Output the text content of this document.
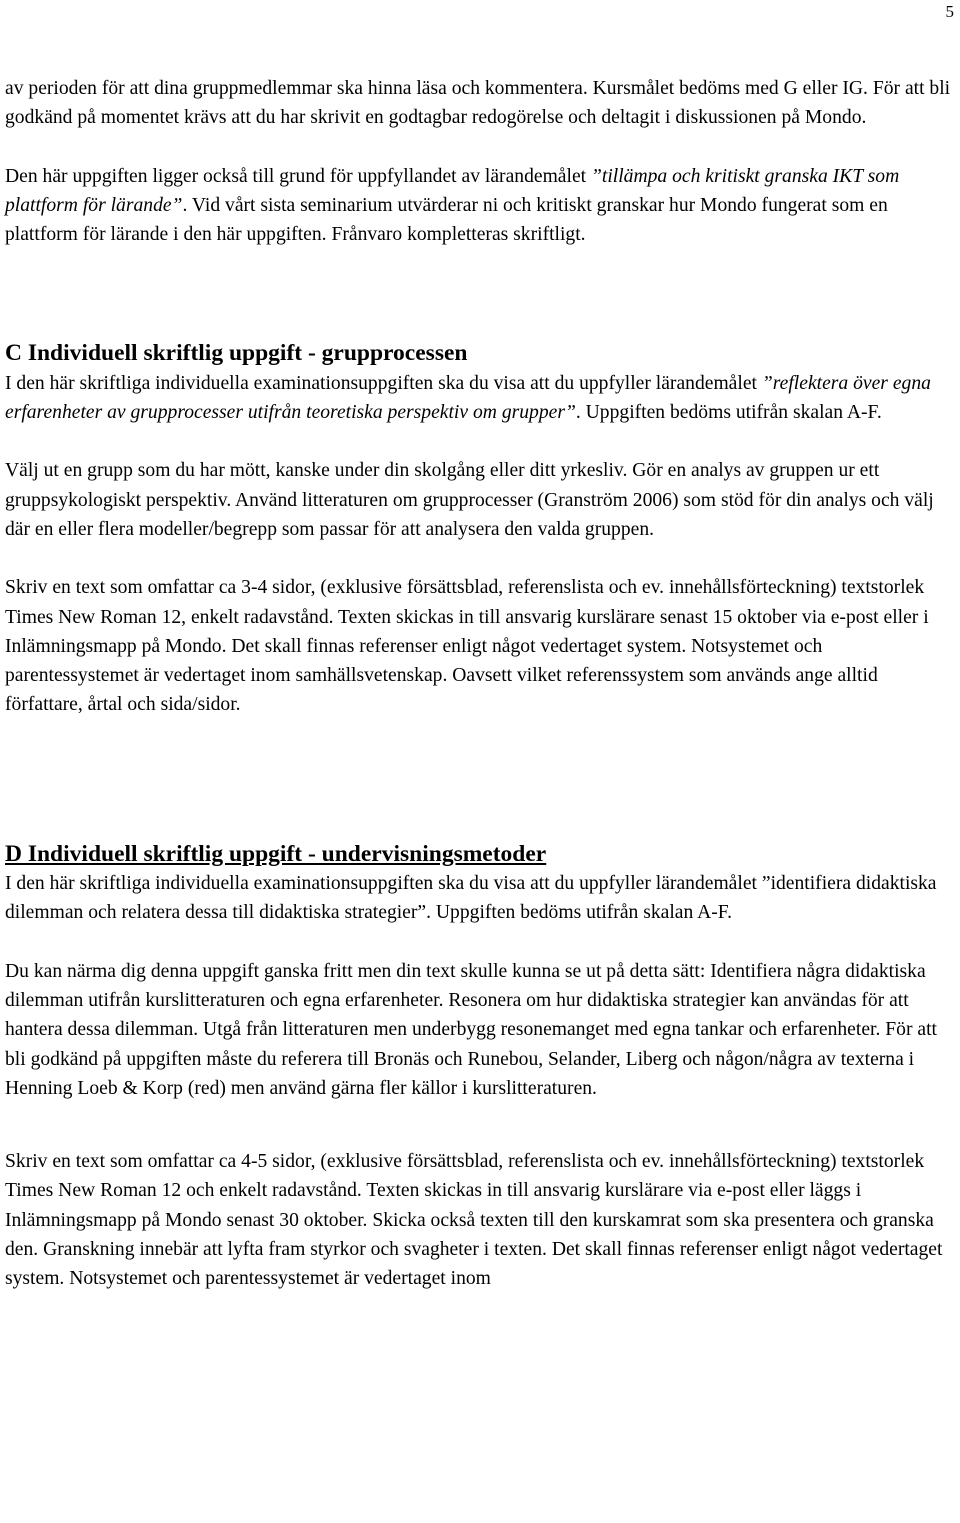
5

av perioden för att dina gruppmedlemmar ska hinna läsa och kommentera. Kursmålet bedöms med G eller IG. För att bli godkänd på momentet krävs att du har skrivit en godtagbar redogörelse och deltagit i diskussionen på Mondo.

Den här uppgiften ligger också till grund för uppfyllandet av lärandemålet ”tillämpa och kritiskt granska IKT som plattform för lärande”. Vid vårt sista seminarium utvärderar ni och kritiskt granskar hur Mondo fungerat som en plattform för lärande i den här uppgiften. Frånvaro kompletteras skriftligt.

C Individuell skriftlig uppgift - grupprocessen

I den här skriftliga individuella examinationsuppgiften ska du visa att du uppfyller lärandemålet ”reflektera över egna erfarenheter av grupprocesser utifrån teoretiska perspektiv om grupper”. Uppgiften bedöms utifrån skalan A-F.

Välj ut en grupp som du har mött, kanske under din skolgång eller ditt yrkesliv. Gör en analys av gruppen ur ett gruppsykologiskt perspektiv. Använd litteraturen om grupprocesser (Granström 2006) som stöd för din analys och välj där en eller flera modeller/begrepp som passar för att analysera den valda gruppen.

Skriv en text som omfattar ca 3-4 sidor, (exklusive försättsblad, referenslista och ev. innehållsförteckning) textstorlek Times New Roman 12, enkelt radavstånd. Texten skickas in till ansvarig kurslärare senast 15 oktober via e-post eller i Inlämningsmapp på Mondo. Det skall finnas referenser enligt något vedertaget system. Notsystemet och parentessystemet är vedertaget inom samhällsvetenskap. Oavsett vilket referenssystem som används ange alltid författare, årtal och sida/sidor.

D Individuell skriftlig uppgift - undervisningsmetoder

I den här skriftliga individuella examinationsuppgiften ska du visa att du uppfyller lärandemålet ”identifiera didaktiska dilemman och relatera dessa till didaktiska strategier”. Uppgiften bedöms utifrån skalan A-F.

Du kan närma dig denna uppgift ganska fritt men din text skulle kunna se ut på detta sätt: Identifiera några didaktiska dilemman utifrån kurslitteraturen och egna erfarenheter. Resonera om hur didaktiska strategier kan användas för att hantera dessa dilemman. Utgå från litteraturen men underbygg resonemanget med egna tankar och erfarenheter. För att bli godkänd på uppgiften måste du referera till Bronäs och Runebou, Selander, Liberg och någon/några av texterna i Henning Loeb & Korp (red) men använd gärna fler källor i kurslitteraturen.

Skriv en text som omfattar ca 4-5 sidor, (exklusive försättsblad, referenslista och ev. innehållsförteckning) textstorlek Times New Roman 12 och enkelt radavstånd. Texten skickas in till ansvarig kurslärare via e-post eller läggs i Inlämningsmapp på Mondo senast 30 oktober. Skicka också texten till den kurskamrat som ska presentera och granska den. Granskning innebär att lyfta fram styrkor och svagheter i texten. Det skall finnas referenser enligt något vedertaget system. Notsystemet och parentessystemet är vedertaget inom
